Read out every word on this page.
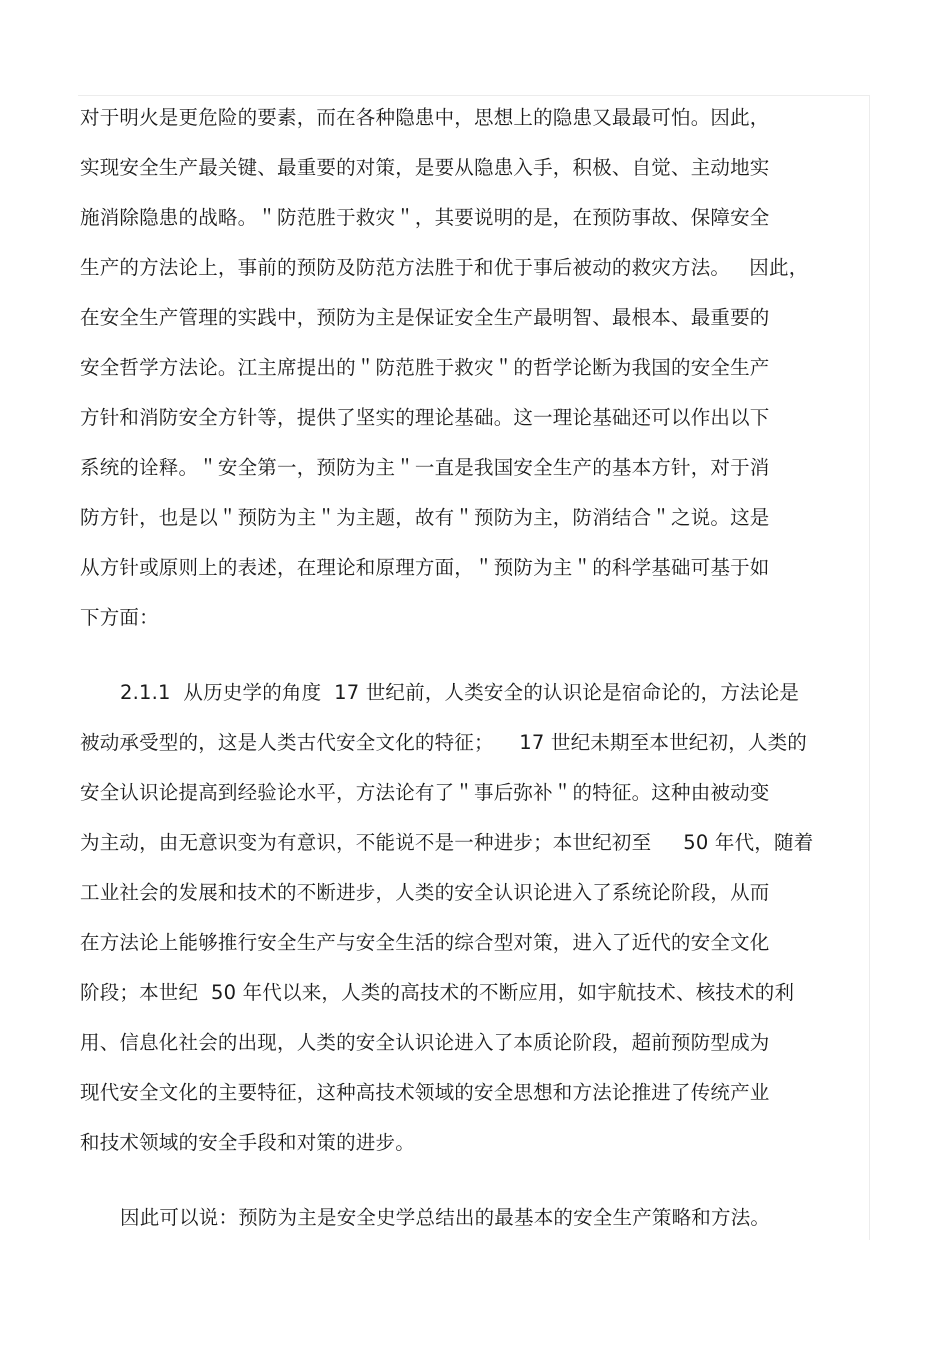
对于明火是更危险的要素，而在各种隐患中，思想上的隐患又最最可怕。因此，
实现安全生产最关键、最重要的对策，是要从隐患入手，积极、自觉、主动地实
施消除隐患的战略。＂防范胜于救灾＂，其要说明的是，在预防事故、保障安全
生产的方法论上，事前的预防及防范方法胜于和优于事后被动的救灾方法。   因此，
在安全生产管理的实践中，预防为主是保证安全生产最明智、最根本、最重要的
安全哲学方法论。江主席提出的＂防范胜于救灾＂的哲学论断为我国的安全生产
方针和消防安全方针等，提供了坚实的理论基础。这一理论基础还可以作出以下
系统的诠释。＂安全第一，预防为主＂一直是我国安全生产的基本方针，对于消
防方针，也是以＂预防为主＂为主题，故有＂预防为主，防消结合＂之说。这是
从方针或原则上的表述，在理论和原理方面，＂预防为主＂的科学基础可基于如
下方面：
2.1.1  从历史学的角度  17 世纪前，人类安全的认识论是宿命论的，方法论是
被动承受型的，这是人类古代安全文化的特征；    17 世纪未期至本世纪初，人类的
安全认识论提高到经验论水平，方法论有了＂事后弥补＂的特征。这种由被动变
为主动，由无意识变为有意识，不能说不是一种进步；本世纪初至     50 年代，随着
工业社会的发展和技术的不断进步，人类的安全认识论进入了系统论阶段，从而
在方法论上能够推行安全生产与安全生活的综合型对策，进入了近代的安全文化
阶段；本世纪  50 年代以来，人类的高技术的不断应用，如宇航技术、核技术的利
用、信息化社会的出现，人类的安全认识论进入了本质论阶段，超前预防型成为
现代安全文化的主要特征，这种高技术领域的安全思想和方法论推进了传统产业
和技术领域的安全手段和对策的进步。
因此可以说：预防为主是安全史学总结出的最基本的安全生产策略和方法。
